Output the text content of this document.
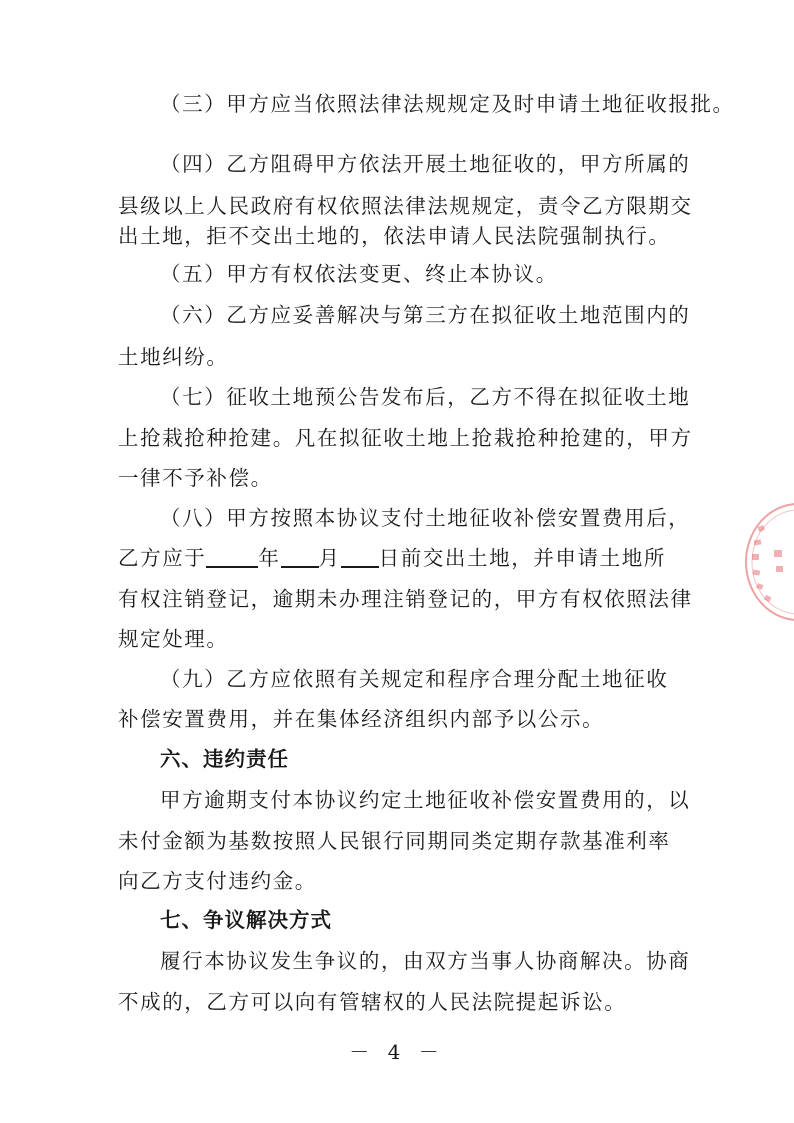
（三）甲方应当依照法律法规规定及时申请土地征收报批。
（四）乙方阻碍甲方依法开展土地征收的，甲方所属的
县级以上人民政府有权依照法律法规规定，责令乙方限期交
出土地，拒不交出土地的，依法申请人民法院强制执行。
（五）甲方有权依法变更、终止本协议。
（六）乙方应妥善解决与第三方在拟征收土地范围内的
土地纠纷。
（七）征收土地预公告发布后，乙方不得在拟征收土地
上抢栽抢种抢建。凡在拟征收土地上抢栽抢种抢建的，甲方
一律不予补偿。
（八）甲方按照本协议支付土地征收补偿安置费用后，
乙方应于	年 月 日前交出土地，并申请土地所
有权注销登记，逾期未办理注销登记的，甲方有权依照法律
规定处理。
（九）乙方应依照有关规定和程序合理分配土地征收
补偿安置费用，并在集体经济组织内部予以公示。
六、违约责任
甲方逾期支付本协议约定土地征收补偿安置费用的，以
未付金额为基数按照人民银行同期同类定期存款基准利率
向乙方支付违约金。
七、争议解决方式
履行本协议发生争议的，由双方当事人协商解决。协商
不成的，乙方可以向有管辖权的人民法院提起诉讼。
－ 4 －
